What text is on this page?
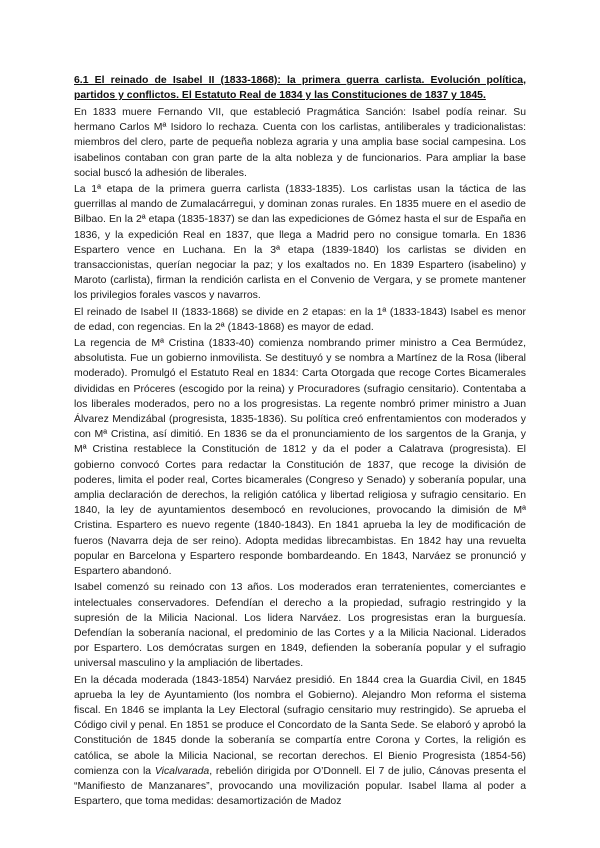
6.1 El reinado de Isabel II (1833-1868): la primera guerra carlista. Evolución política, partidos y conflictos. El Estatuto Real de 1834 y las Constituciones de 1837 y 1845.
En 1833 muere Fernando VII, que estableció Pragmática Sanción: Isabel podía reinar. Su hermano Carlos Mª Isidoro lo rechaza. Cuenta con los carlistas, antiliberales y tradicionalistas: miembros del clero, parte de pequeña nobleza agraria y una amplia base social campesina. Los isabelinos contaban con gran parte de la alta nobleza y de funcionarios. Para ampliar la base social buscó la adhesión de liberales.
La 1ª etapa de la primera guerra carlista (1833-1835). Los carlistas usan la táctica de las guerrillas al mando de Zumalacárregui, y dominan zonas rurales. En 1835 muere en el asedio de Bilbao. En la 2ª etapa (1835-1837) se dan las expediciones de Gómez hasta el sur de España en 1836, y la expedición Real en 1837, que llega a Madrid pero no consigue tomarla. En 1836 Espartero vence en Luchana. En la 3ª etapa (1839-1840) los carlistas se dividen en transaccionistas, querían negociar la paz; y los exaltados no. En 1839 Espartero (isabelino) y Maroto (carlista), firman la rendición carlista en el Convenio de Vergara, y se promete mantener los privilegios forales vascos y navarros.
El reinado de Isabel II (1833-1868) se divide en 2 etapas: en la 1ª (1833-1843) Isabel es menor de edad, con regencias. En la 2ª (1843-1868) es mayor de edad.
La regencia de Mª Cristina (1833-40) comienza nombrando primer ministro a Cea Bermúdez, absolutista. Fue un gobierno inmovilista. Se destituyó y se nombra a Martínez de la Rosa (liberal moderado). Promulgó el Estatuto Real en 1834: Carta Otorgada que recoge Cortes Bicamerales divididas en Próceres (escogido por la reina) y Procuradores (sufragio censitario). Contentaba a los liberales moderados, pero no a los progresistas. La regente nombró primer ministro a Juan Álvarez Mendizábal (progresista, 1835-1836). Su política creó enfrentamientos con moderados y con Mª Cristina, así dimitió. En 1836 se da el pronunciamiento de los sargentos de la Granja, y Mª Cristina restablece la Constitución de 1812 y da el poder a Calatrava (progresista). El gobierno convocó Cortes para redactar la Constitución de 1837, que recoge la división de poderes, limita el poder real, Cortes bicamerales (Congreso y Senado) y soberanía popular, una amplia declaración de derechos, la religión católica y libertad religiosa y sufragio censitario. En 1840, la ley de ayuntamientos desembocó en revoluciones, provocando la dimisión de Mª Cristina. Espartero es nuevo regente (1840-1843). En 1841 aprueba la ley de modificación de fueros (Navarra deja de ser reino). Adopta medidas librecambistas. En 1842 hay una revuelta popular en Barcelona y Espartero responde bombardeando. En 1843, Narváez se pronunció y Espartero abandonó.
Isabel comenzó su reinado con 13 años. Los moderados eran terratenientes, comerciantes e intelectuales conservadores. Defendían el derecho a la propiedad, sufragio restringido y la supresión de la Milicia Nacional. Los lidera Narváez. Los progresistas eran la burguesía. Defendían la soberanía nacional, el predominio de las Cortes y a la Milicia Nacional. Liderados por Espartero. Los demócratas surgen en 1849, defienden la soberanía popular y el sufragio universal masculino y la ampliación de libertades.
En la década moderada (1843-1854) Narváez presidió. En 1844 crea la Guardia Civil, en 1845 aprueba la ley de Ayuntamiento (los nombra el Gobierno). Alejandro Mon reforma el sistema fiscal. En 1846 se implanta la Ley Electoral (sufragio censitario muy restringido). Se aprueba el Código civil y penal. En 1851 se produce el Concordato de la Santa Sede. Se elaboró y aprobó la Constitución de 1845 donde la soberanía se compartía entre Corona y Cortes, la religión es católica, se abole la Milicia Nacional, se recortan derechos. El Bienio Progresista (1854-56) comienza con la Vicalvarada, rebelión dirigida por O’Donnell. El 7 de julio, Cánovas presenta el “Manifiesto de Manzanares”, provocando una movilización popular. Isabel llama al poder a Espartero, que toma medidas: desamortización de Madoz
